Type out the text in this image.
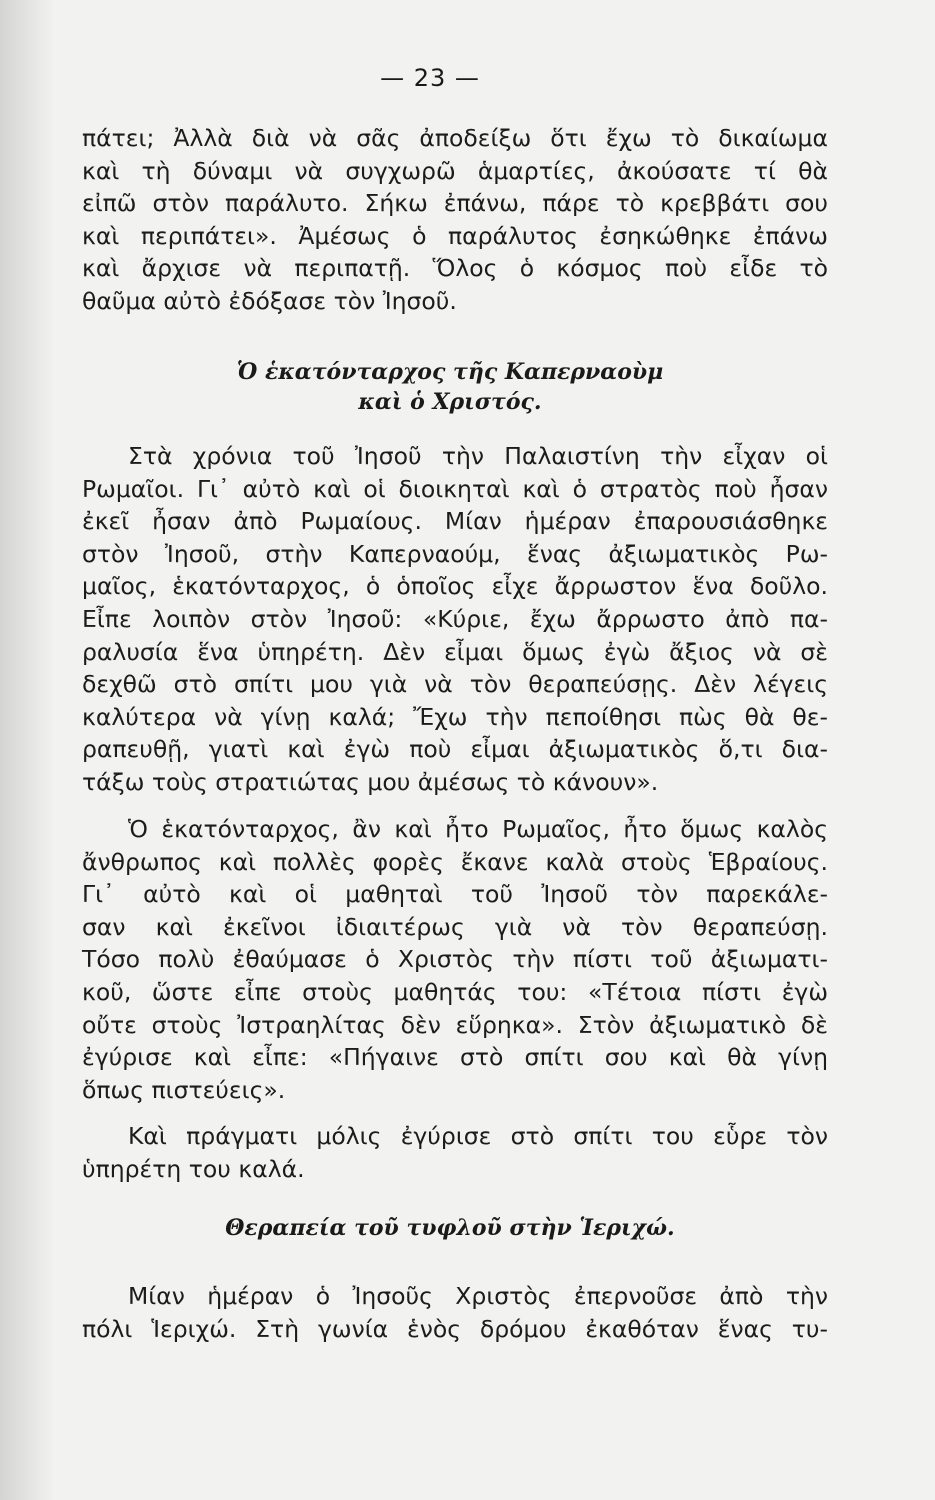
— 23 —
πάτει; Ἀλλὰ διὰ νὰ σᾶς ἀποδείξω ὅτι ἔχω τὸ δικαίωμα
καὶ τὴ δύναμι νὰ συγχωρῶ ἁμαρτίες, ἀκούσατε τί θὰ
εἰπῶ στὸν παράλυτο. Σήκω ἐπάνω, πάρε τὸ κρεββάτι σου
καὶ περιπάτει». Ἀμέσως ὁ παράλυτος ἐσηκώθηκε ἐπάνω
καὶ ἄρχισε νὰ περιπατῇ. Ὅλος ὁ κόσμος ποὺ εἶδε τὸ
θαῦμα αὐτὸ ἐδόξασε τὸν Ἰησοῦ.
Ὁ ἑκατόνταρχος τῆς Καπερναοὺμ
καὶ ὁ Χριστός.
Στὰ χρόνια τοῦ Ἰησοῦ τὴν Παλαιστίνη τὴν εἶχαν οἱ
Ρωμαῖοι. Γι᾽ αὐτὸ καὶ οἱ διοικηταὶ καὶ ὁ στρατὸς ποὺ ἦσαν
ἐκεῖ ἦσαν ἀπὸ Ρωμαίους. Μίαν ἡμέραν ἐπαρουσιάσθηκε
στὸν Ἰησοῦ, στὴν Καπερναούμ, ἕνας ἀξιωματικὸς Ρω-
μαῖος, ἑκατόνταρχος, ὁ ὁποῖος εἶχε ἄρρωστον ἕνα δοῦλο.
Εἶπε λοιπὸν στὸν Ἰησοῦ: «Κύριε, ἔχω ἄρρωστο ἀπὸ πα-
ραλυσία ἕνα ὑπηρέτη. Δὲν εἶμαι ὅμως ἐγὼ ἄξιος νὰ σὲ
δεχθῶ στὸ σπίτι μου γιὰ νὰ τὸν θεραπεύσῃς. Δὲν λέγεις
καλύτερα νὰ γίνῃ καλά; Ἔχω τὴν πεποίθησι πὼς θὰ θε-
ραπευθῇ, γιατὶ καὶ ἐγὼ ποὺ εἶμαι ἀξιωματικὸς ὅ,τι δια-
τάξω τοὺς στρατιώτας μου ἀμέσως τὸ κάνουν».
Ὁ ἑκατόνταρχος, ἂν καὶ ἦτο Ρωμαῖος, ἦτο ὅμως καλὸς
ἄνθρωπος καὶ πολλὲς φορὲς ἔκανε καλὰ στοὺς Ἑβραίους.
Γι᾽ αὐτὸ καὶ οἱ μαθηταὶ τοῦ Ἰησοῦ τὸν παρεκάλε-
σαν καὶ ἐκεῖνοι ἰδιαιτέρως γιὰ νὰ τὸν θεραπεύσῃ.
Τόσο πολὺ ἐθαύμασε ὁ Χριστὸς τὴν πίστι τοῦ ἀξιωματι-
κοῦ, ὥστε εἶπε στοὺς μαθητάς του: «Τέτοια πίστι ἐγὼ
οὔτε στοὺς Ἰστραηλίτας δὲν εὕρηκα». Στὸν ἀξιωματικὸ δὲ
ἐγύρισε καὶ εἶπε: «Πήγαινε στὸ σπίτι σου καὶ θὰ γίνῃ
ὅπως πιστεύεις».
Καὶ πράγματι μόλις ἐγύρισε στὸ σπίτι του εὗρε τὸν
ὑπηρέτη του καλά.
Θεραπεία τοῦ τυφλοῦ στὴν Ἱεριχώ.
Μίαν ἡμέραν ὁ Ἰησοῦς Χριστὸς ἐπερνοῦσε ἀπὸ τὴν
πόλι Ἱεριχώ. Στὴ γωνία ἑνὸς δρόμου ἐκαθόταν ἕνας τυ-
